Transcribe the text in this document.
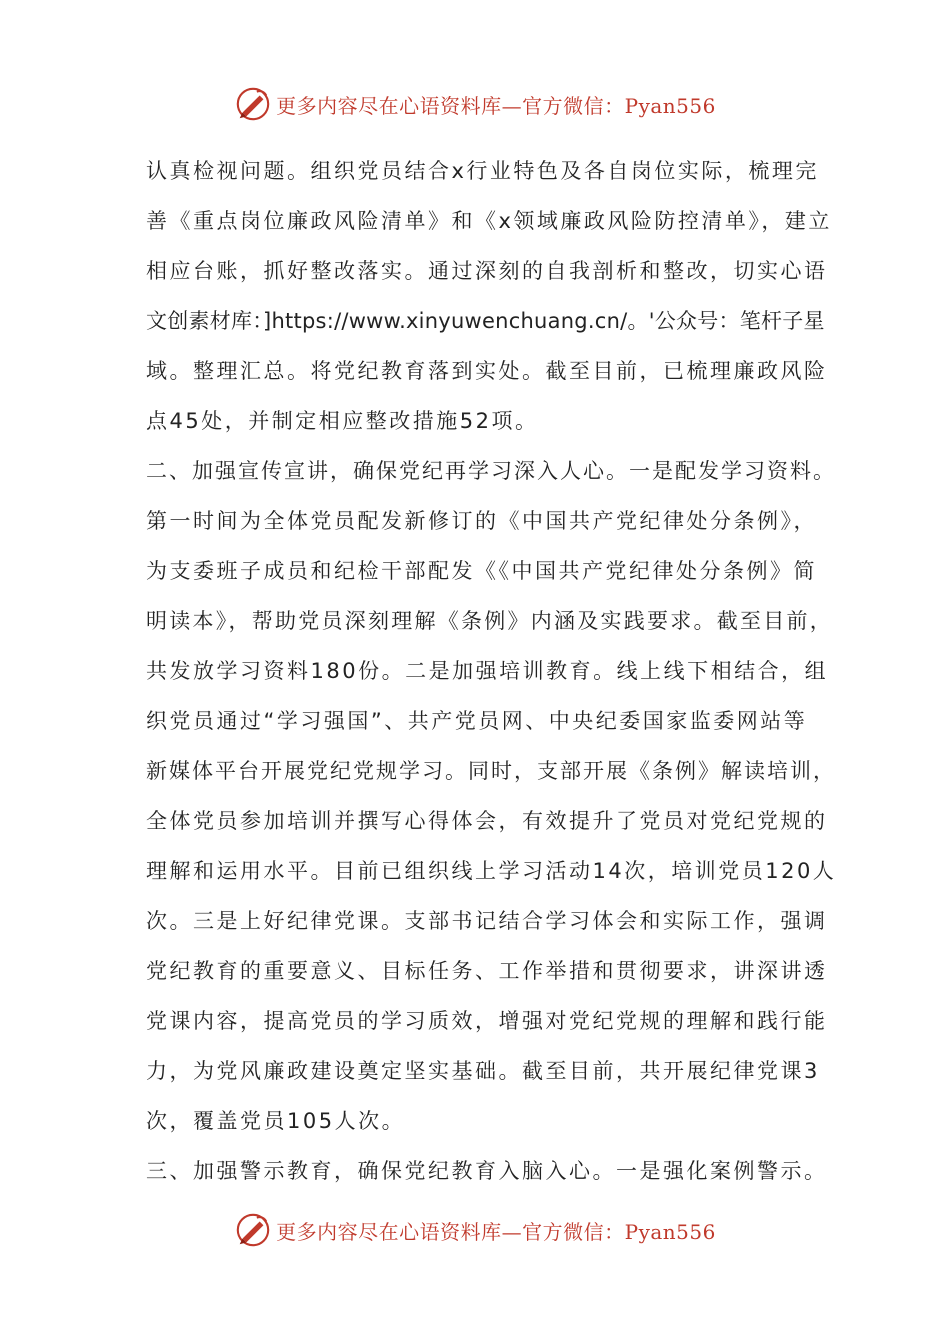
更多内容尽在心语资料库—官方微信：Pyan556
认真检视问题。组织党员结合x行业特色及各自岗位实际，梳理完
善《重点岗位廉政风险清单》和《x领域廉政风险防控清单》，建立
相应台账，抓好整改落实。通过深刻的自我剖析和整改，切实心语
文创素材库：]https://www.xinyuwenchuang.cn/。'公众号：笔杆子星
域。整理汇总。将党纪教育落到实处。截至目前，已梳理廉政风险
点45处，并制定相应整改措施52项。
二、加强宣传宣讲，确保党纪再学习深入人心。一是配发学习资料。
第一时间为全体党员配发新修订的《中国共产党纪律处分条例》，
为支委班子成员和纪检干部配发《《中国共产党纪律处分条例》简
明读本》，帮助党员深刻理解《条例》内涵及实践要求。截至目前，
共发放学习资料180份。二是加强培训教育。线上线下相结合，组
织党员通过“学习强国”、共产党员网、中央纪委国家监委网站等
新媒体平台开展党纪党规学习。同时，支部开展《条例》解读培训，
全体党员参加培训并撰写心得体会，有效提升了党员对党纪党规的
理解和运用水平。目前已组织线上学习活动14次，培训党员120人
次。三是上好纪律党课。支部书记结合学习体会和实际工作，强调
党纪教育的重要意义、目标任务、工作举措和贯彻要求，讲深讲透
党课内容，提高党员的学习质效，增强对党纪党规的理解和践行能
力，为党风廉政建设奠定坚实基础。截至目前，共开展纪律党课3
次，覆盖党员105人次。
三、加强警示教育，确保党纪教育入脑入心。一是强化案例警示。
更多内容尽在心语资料库—官方微信：Pyan556
